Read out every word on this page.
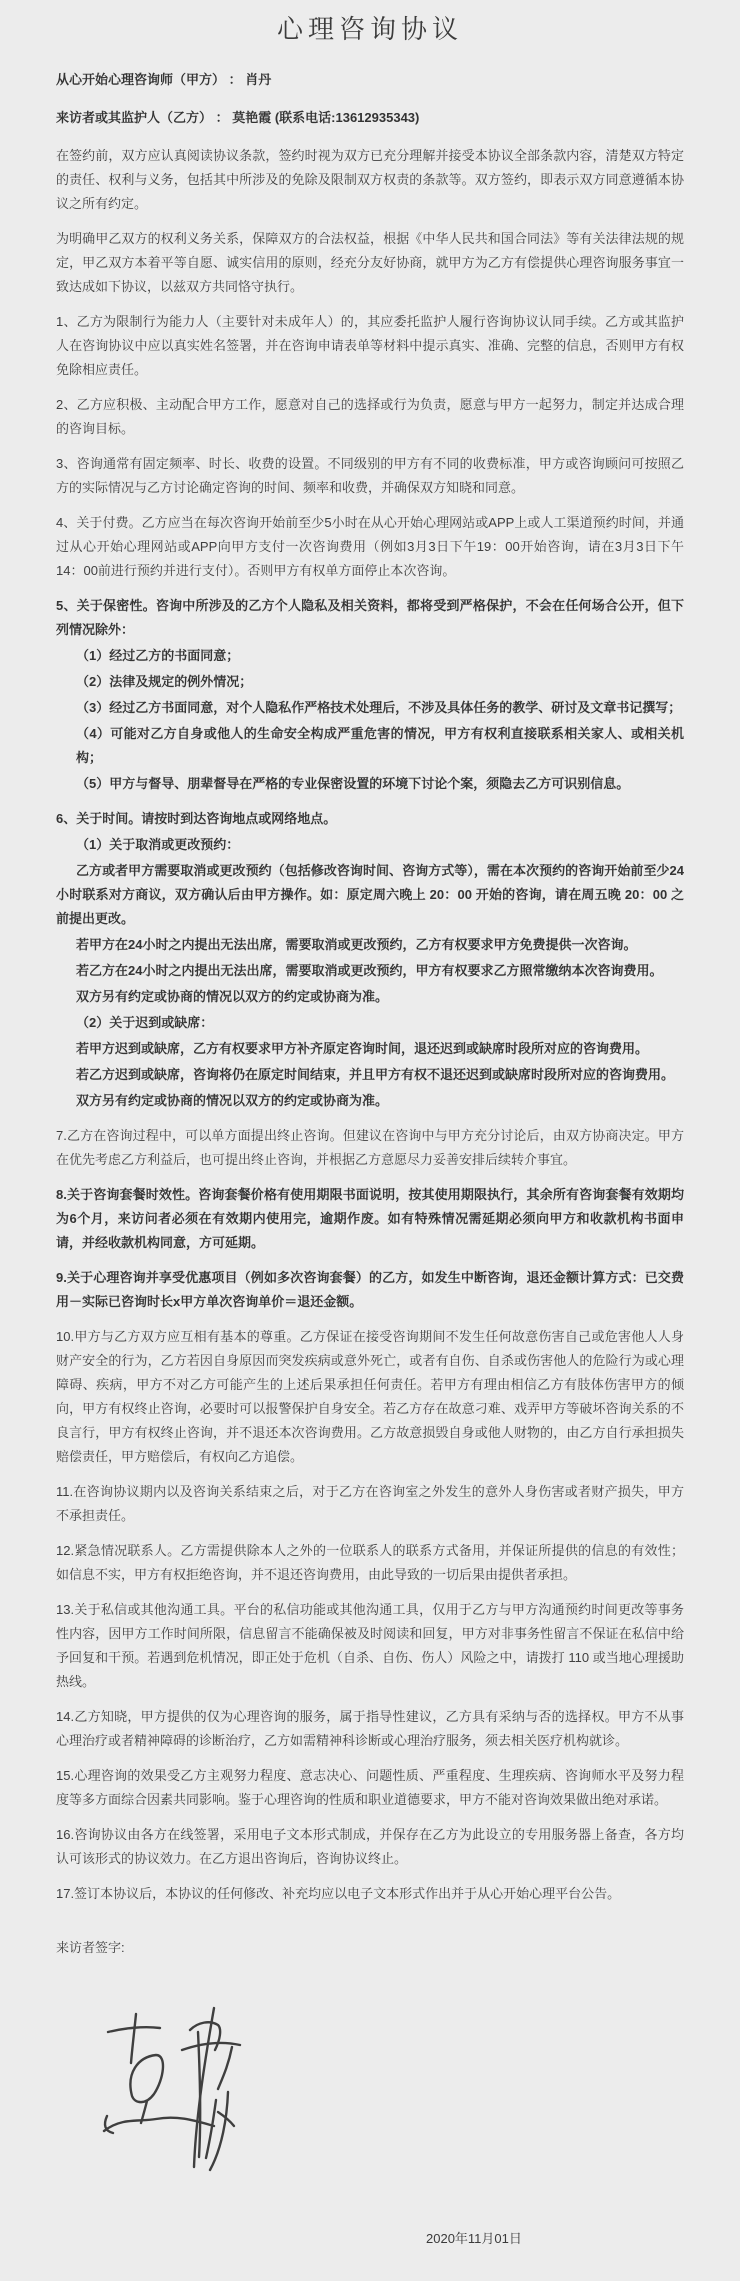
心理咨询协议

从心开始心理咨询师（甲方） ： 肖丹

来访者或其监护人（乙方） ： 莫艳霞 (联系电话:13612935343)

在签约前，双方应认真阅读协议条款，签约时视为双方已充分理解并接受本协议全部条款内容，清楚双方特定的责任、权利与义务，包括其中所涉及的免除及限制双方权责的条款等。双方签约，即表示双方同意遵循本协议之所有约定。

为明确甲乙双方的权利义务关系，保障双方的合法权益，根据《中华人民共和国合同法》等有关法律法规的规定，甲乙双方本着平等自愿、诚实信用的原则，经充分友好协商，就甲方为乙方有偿提供心理咨询服务事宜一致达成如下协议，以兹双方共同恪守执行。

1、乙方为限制行为能力人（主要针对未成年人）的，其应委托监护人履行咨询协议认同手续。乙方或其监护人在咨询协议中应以真实姓名签署，并在咨询申请表单等材料中提示真实、准确、完整的信息，否则甲方有权免除相应责任。

2、乙方应积极、主动配合甲方工作，愿意对自己的选择或行为负责，愿意与甲方一起努力，制定并达成合理的咨询目标。

3、咨询通常有固定频率、时长、收费的设置。不同级别的甲方有不同的收费标准，甲方或咨询顾问可按照乙方的实际情况与乙方讨论确定咨询的时间、频率和收费，并确保双方知晓和同意。

4、关于付费。乙方应当在每次咨询开始前至少5小时在从心开始心理网站或APP上或人工渠道预约时间，并通过从心开始心理网站或APP向甲方支付一次咨询费用（例如3月3日下午19：00开始咨询，请在3月3日下午14：00前进行预约并进行支付）。否则甲方有权单方面停止本次咨询。

5、关于保密性。咨询中所涉及的乙方个人隐私及相关资料，都将受到严格保护，不会在任何场合公开，但下列情况除外：

（1）经过乙方的书面同意；

（2）法律及规定的例外情况；

（3）经过乙方书面同意，对个人隐私作严格技术处理后，不涉及具体任务的教学、研讨及文章书记撰写；

（4）可能对乙方自身或他人的生命安全构成严重危害的情况，甲方有权利直接联系相关家人、或相关机构；

（5）甲方与督导、朋辈督导在严格的专业保密设置的环境下讨论个案，须隐去乙方可识别信息。

6、关于时间。请按时到达咨询地点或网络地点。

（1）关于取消或更改预约：

乙方或者甲方需要取消或更改预约（包括修改咨询时间、咨询方式等），需在本次预约的咨询开始前至少24小时联系对方商议，双方确认后由甲方操作。如：原定周六晚上 20：00 开始的咨询，请在周五晚 20：00 之前提出更改。

若甲方在24小时之内提出无法出席，需要取消或更改预约，乙方有权要求甲方免费提供一次咨询。

若乙方在24小时之内提出无法出席，需要取消或更改预约，甲方有权要求乙方照常缴纳本次咨询费用。

双方另有约定或协商的情况以双方的约定或协商为准。

（2）关于迟到或缺席：

若甲方迟到或缺席，乙方有权要求甲方补齐原定咨询时间，退还迟到或缺席时段所对应的咨询费用。

若乙方迟到或缺席，咨询将仍在原定时间结束，并且甲方有权不退还迟到或缺席时段所对应的咨询费用。

双方另有约定或协商的情况以双方的约定或协商为准。

7.乙方在咨询过程中，可以单方面提出终止咨询。但建议在咨询中与甲方充分讨论后，由双方协商决定。甲方在优先考虑乙方利益后，也可提出终止咨询，并根据乙方意愿尽力妥善安排后续转介事宜。

8.关于咨询套餐时效性。咨询套餐价格有使用期限书面说明，按其使用期限执行，其余所有咨询套餐有效期均为6个月，来访问者必须在有效期内使用完，逾期作废。如有特殊情况需延期必须向甲方和收款机构书面申请，并经收款机构同意，方可延期。

9.关于心理咨询并享受优惠项目（例如多次咨询套餐）的乙方，如发生中断咨询，退还金额计算方式：已交费用－实际已咨询时长x甲方单次咨询单价＝退还金额。

10.甲方与乙方双方应互相有基本的尊重。乙方保证在接受咨询期间不发生任何故意伤害自己或危害他人人身财产安全的行为，乙方若因自身原因而突发疾病或意外死亡，或者有自伤、自杀或伤害他人的危险行为或心理障碍、疾病，甲方不对乙方可能产生的上述后果承担任何责任。若甲方有理由相信乙方有肢体伤害甲方的倾向，甲方有权终止咨询，必要时可以报警保护自身安全。若乙方存在故意刁难、戏弄甲方等破坏咨询关系的不良言行，甲方有权终止咨询，并不退还本次咨询费用。乙方故意损毁自身或他人财物的，由乙方自行承担损失赔偿责任，甲方赔偿后，有权向乙方追偿。

11.在咨询协议期内以及咨询关系结束之后，对于乙方在咨询室之外发生的意外人身伤害或者财产损失，甲方不承担责任。

12.紧急情况联系人。乙方需提供除本人之外的一位联系人的联系方式备用，并保证所提供的信息的有效性；如信息不实，甲方有权拒绝咨询，并不退还咨询费用，由此导致的一切后果由提供者承担。

13.关于私信或其他沟通工具。平台的私信功能或其他沟通工具，仅用于乙方与甲方沟通预约时间更改等事务性内容，因甲方工作时间所限，信息留言不能确保被及时阅读和回复，甲方对非事务性留言不保证在私信中给予回复和干预。若遇到危机情况，即正处于危机（自杀、自伤、伤人）风险之中，请拨打 110 或当地心理援助热线。

14.乙方知晓，甲方提供的仅为心理咨询的服务，属于指导性建议，乙方具有采纳与否的选择权。甲方不从事心理治疗或者精神障碍的诊断治疗，乙方如需精神科诊断或心理治疗服务，须去相关医疗机构就诊。

15.心理咨询的效果受乙方主观努力程度、意志决心、问题性质、严重程度、生理疾病、咨询师水平及努力程度等多方面综合因素共同影响。鉴于心理咨询的性质和职业道德要求，甲方不能对咨询效果做出绝对承诺。

16.咨询协议由各方在线签署，采用电子文本形式制成，并保存在乙方为此设立的专用服务器上备查，各方均认可该形式的协议效力。在乙方退出咨询后，咨询协议终止。

17.签订本协议后，本协议的任何修改、补充均应以电子文本形式作出并于从心开始心理平台公告。

来访者签字:

2020年11月01日
